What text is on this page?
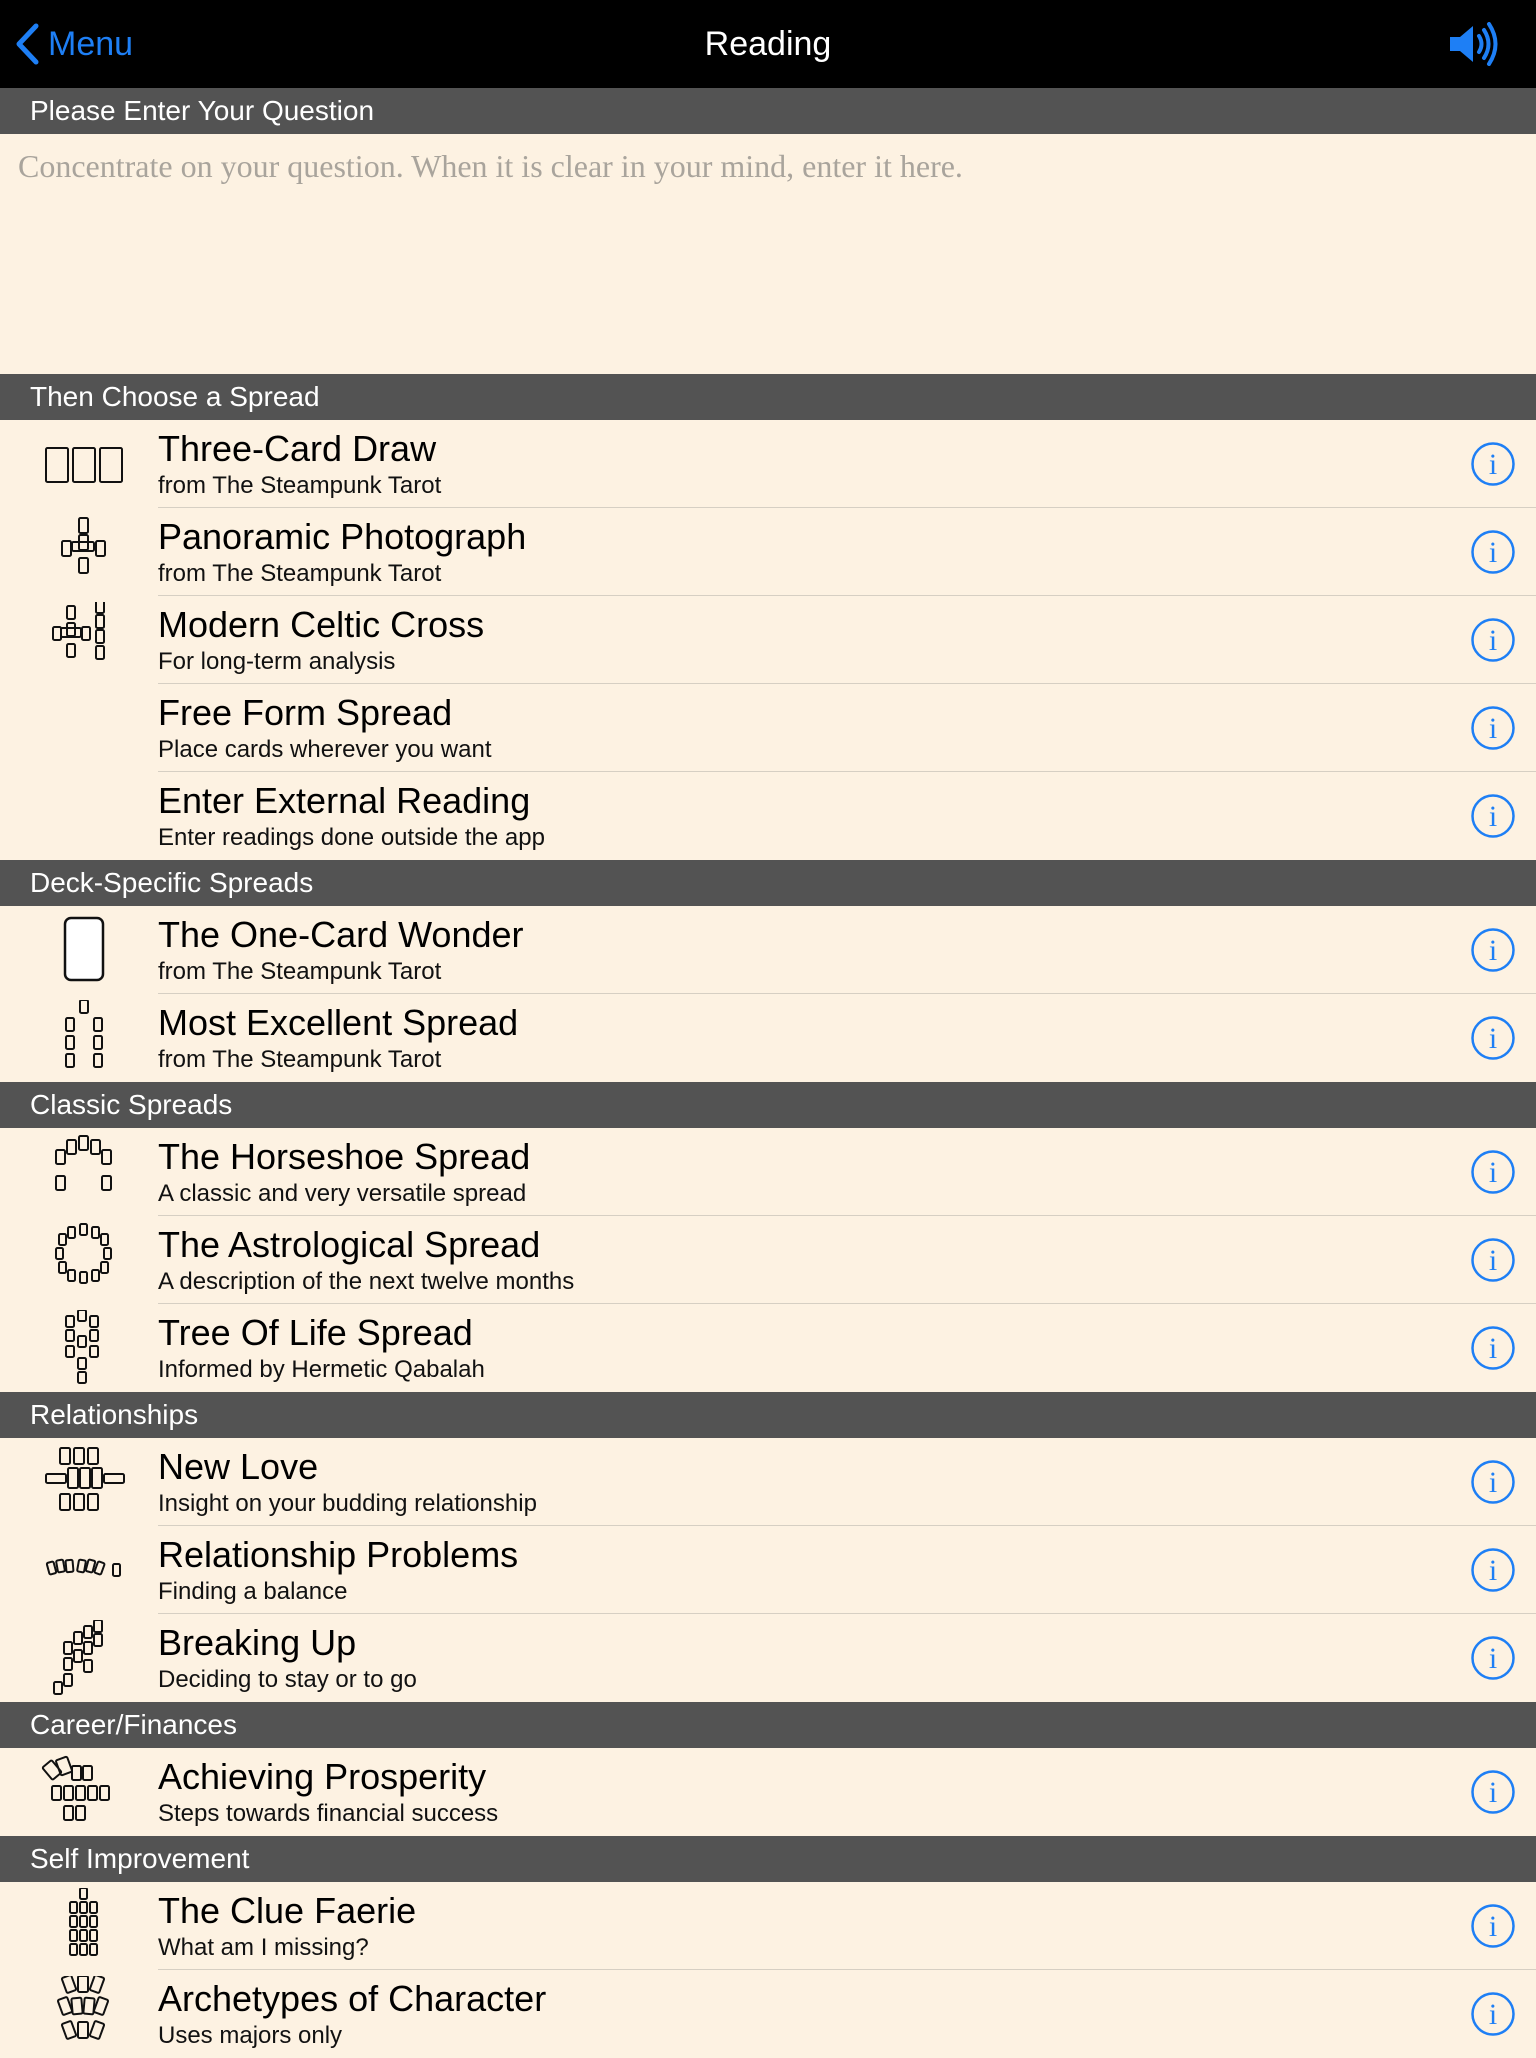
Menu	Reading
Please Enter Your Question
Concentrate on your question. When it is clear in your mind, enter it here.
Then Choose a Spread
Three-Card Draw
from The Steampunk Tarot
i
Panoramic Photograph
from The Steampunk Tarot
i
Modern Celtic Cross
For long-term analysis
i
Free Form Spread
Place cards wherever you want
i
Enter External Reading
Enter readings done outside the app
i
Deck-Specific Spreads
The One-Card Wonder
from The Steampunk Tarot
i
Most Excellent Spread
from The Steampunk Tarot
i
Classic Spreads
The Horseshoe Spread
A classic and very versatile spread
i
The Astrological Spread
A description of the next twelve months
i
Tree Of Life Spread
Informed by Hermetic Qabalah
i
Relationships
New Love
Insight on your budding relationship
i
Relationship Problems
Finding a balance
i
Breaking Up
Deciding to stay or to go
i
Career/Finances
Achieving Prosperity
Steps towards financial success
i
Self Improvement
The Clue Faerie
What am I missing?
i
Archetypes of Character
Uses majors only
i
